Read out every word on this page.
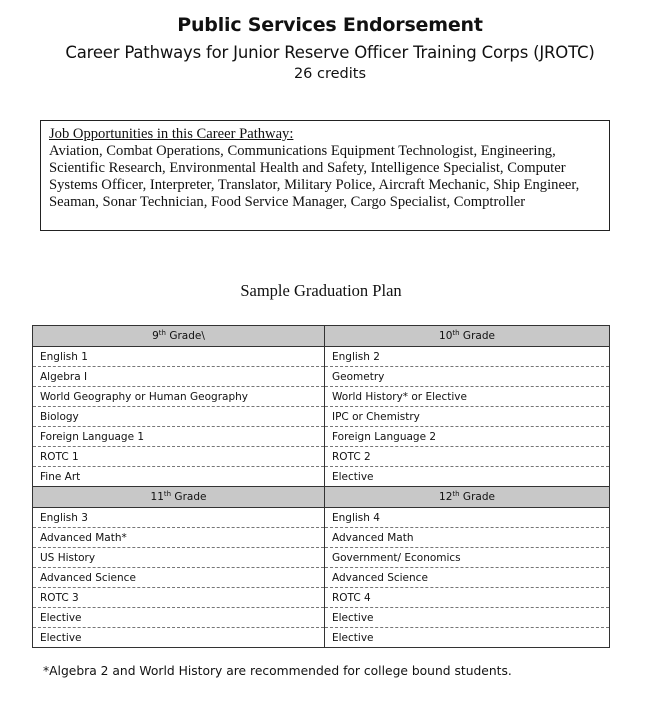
Public Services Endorsement
Career Pathways for Junior Reserve Officer Training Corps (JROTC)
26 credits
Job Opportunities in this Career Pathway:
Aviation, Combat Operations, Communications Equipment Technologist, Engineering,
Scientific Research, Environmental Health and Safety, Intelligence Specialist, Computer
Systems Officer, Interpreter, Translator, Military Police, Aircraft Mechanic, Ship Engineer,
Seaman, Sonar Technician, Food Service Manager, Cargo Specialist, Comptroller
Sample Graduation Plan
9th Grade\	10th Grade
English 1	English 2
Algebra I	Geometry
World Geography or Human Geography	World History* or Elective
Biology	IPC or Chemistry
Foreign Language 1	Foreign Language 2
ROTC 1	ROTC 2
Fine Art	Elective
11th Grade	12th Grade
English 3	English 4
Advanced Math*	Advanced Math
US History	Government/ Economics
Advanced Science	Advanced Science
ROTC 3	ROTC 4
Elective	Elective
Elective	Elective
*Algebra 2 and World History are recommended for college bound students.
